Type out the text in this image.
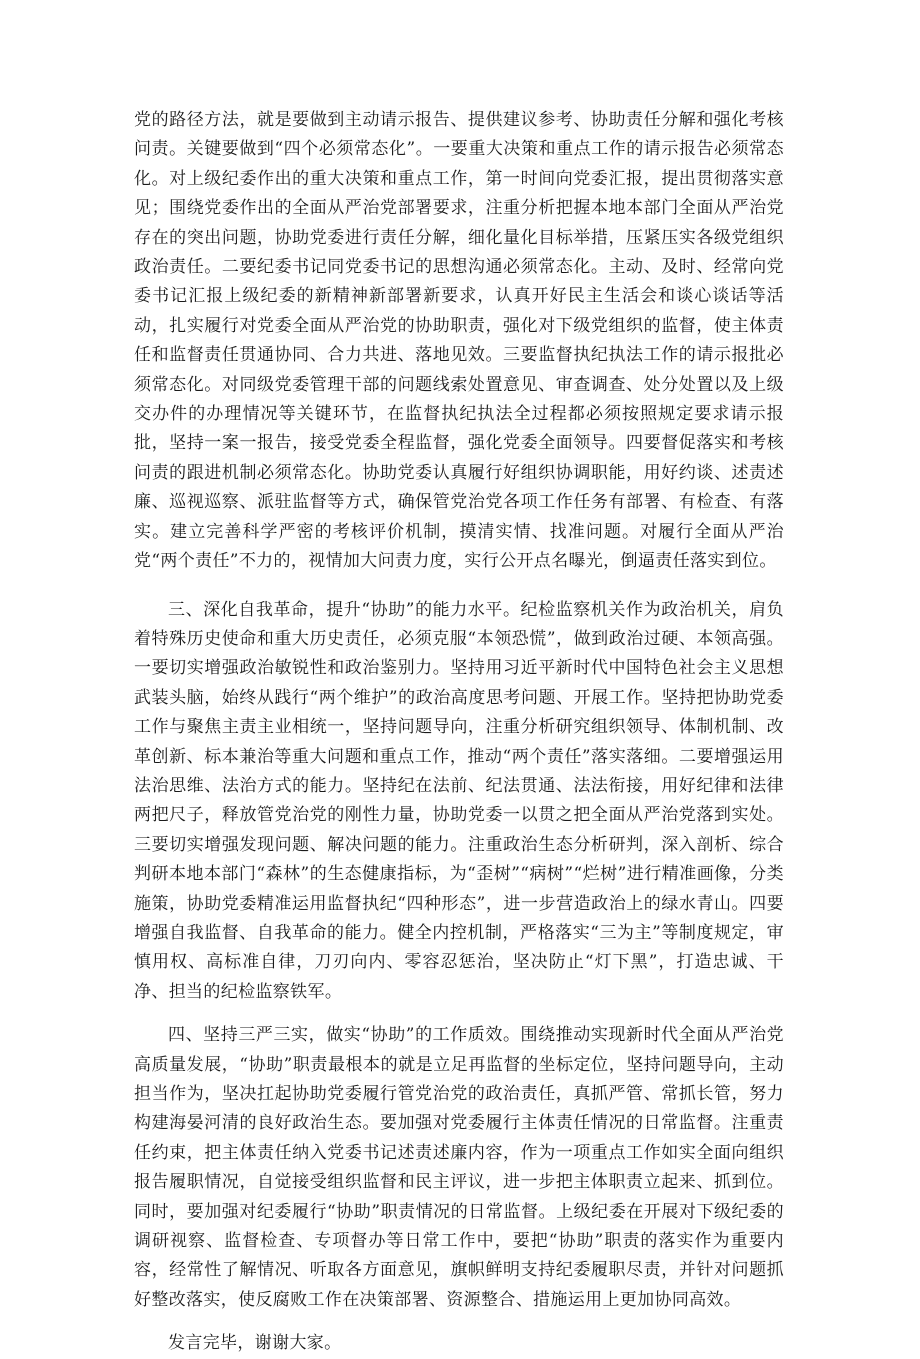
党的路径方法，就是要做到主动请示报告、提供建议参考、协助责任分解和强化考核问责。关键要做到“四个必须常态化”。一要重大决策和重点工作的请示报告必须常态化。对上级纪委作出的重大决策和重点工作，第一时间向党委汇报，提出贯彻落实意见；围绕党委作出的全面从严治党部署要求，注重分析把握本地本部门全面从严治党存在的突出问题，协助党委进行责任分解，细化量化目标举措，压紧压实各级党组织政治责任。二要纪委书记同党委书记的思想沟通必须常态化。主动、及时、经常向党委书记汇报上级纪委的新精神新部署新要求，认真开好民主生活会和谈心谈话等活动，扎实履行对党委全面从严治党的协助职责，强化对下级党组织的监督，使主体责任和监督责任贯通协同、合力共进、落地见效。三要监督执纪执法工作的请示报批必须常态化。对同级党委管理干部的问题线索处置意见、审查调查、处分处置以及上级交办件的办理情况等关键环节，在监督执纪执法全过程都必须按照规定要求请示报批，坚持一案一报告，接受党委全程监督，强化党委全面领导。四要督促落实和考核问责的跟进机制必须常态化。协助党委认真履行好组织协调职能，用好约谈、述责述廉、巡视巡察、派驻监督等方式，确保管党治党各项工作任务有部署、有检查、有落实。建立完善科学严密的考核评价机制，摸清实情、找准问题。对履行全面从严治党“两个责任”不力的，视情加大问责力度，实行公开点名曝光，倒逼责任落实到位。

三、深化自我革命，提升“协助”的能力水平。纪检监察机关作为政治机关，肩负着特殊历史使命和重大历史责任，必须克服“本领恐慌”，做到政治过硬、本领高强。一要切实增强政治敏锐性和政治鉴别力。坚持用习近平新时代中国特色社会主义思想武装头脑，始终从践行“两个维护”的政治高度思考问题、开展工作。坚持把协助党委工作与聚焦主责主业相统一，坚持问题导向，注重分析研究组织领导、体制机制、改革创新、标本兼治等重大问题和重点工作，推动“两个责任”落实落细。二要增强运用法治思维、法治方式的能力。坚持纪在法前、纪法贯通、法法衔接，用好纪律和法律两把尺子，释放管党治党的刚性力量，协助党委一以贯之把全面从严治党落到实处。三要切实增强发现问题、解决问题的能力。注重政治生态分析研判，深入剖析、综合判研本地本部门“森林”的生态健康指标，为“歪树”“病树”“烂树”进行精准画像，分类施策，协助党委精准运用监督执纪“四种形态”，进一步营造政治上的绿水青山。四要增强自我监督、自我革命的能力。健全内控机制，严格落实“三为主”等制度规定，审慎用权、高标准自律，刀刃向内、零容忍惩治，坚决防止“灯下黑”，打造忠诚、干净、担当的纪检监察铁军。

四、坚持三严三实，做实“协助”的工作质效。围绕推动实现新时代全面从严治党高质量发展，“协助”职责最根本的就是立足再监督的坐标定位，坚持问题导向，主动担当作为，坚决扛起协助党委履行管党治党的政治责任，真抓严管、常抓长管，努力构建海晏河清的良好政治生态。要加强对党委履行主体责任情况的日常监督。注重责任约束，把主体责任纳入党委书记述责述廉内容，作为一项重点工作如实全面向组织报告履职情况，自觉接受组织监督和民主评议，进一步把主体职责立起来、抓到位。同时，要加强对纪委履行“协助”职责情况的日常监督。上级纪委在开展对下级纪委的调研视察、监督检查、专项督办等日常工作中，要把“协助”职责的落实作为重要内容，经常性了解情况、听取各方面意见，旗帜鲜明支持纪委履职尽责，并针对问题抓好整改落实，使反腐败工作在决策部署、资源整合、措施运用上更加协同高效。

发言完毕，谢谢大家。
